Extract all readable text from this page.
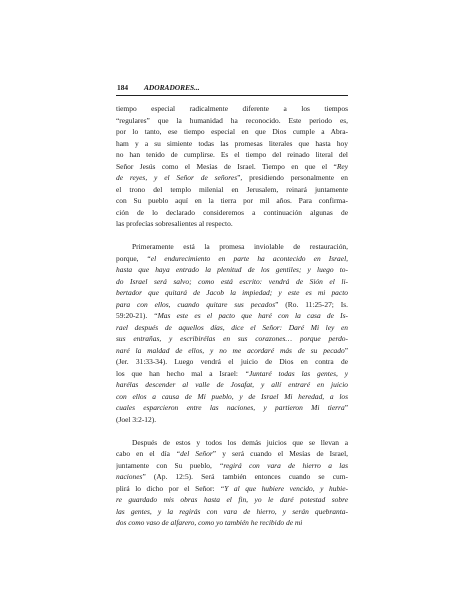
184 ADORADORES...
tiempo especial radicalmente diferente a los tiempos
“regulares” que la humanidad ha reconocido. Este periodo es,
por lo tanto, ese tiempo especial en que Dios cumple a Abra-
ham y a su simiente todas las promesas literales que hasta hoy
no han tenido de cumplirse. Es el tiempo del reinado literal del
Señor Jesús como el Mesías de Israel. Tiempo en que el “Rey
de reyes, y el Señor de señores”, presidiendo personalmente en
el trono del templo milenial en Jerusalem, reinará juntamente
con Su pueblo aquí en la tierra por mil años. Para confirma-
ción de lo declarado consideremos a continuación algunas de
las profecías sobresalientes al respecto.
Primeramente está la promesa inviolable de restauración,
porque, “el endurecimiento en parte ha acontecido en Israel,
hasta que haya entrado la plenitud de los gentiles; y luego to-
do Israel será salvo; como está escrito: vendrá de Sión el li-
bertador que quitará de Jacob la impiedad; y este es mi pacto
para con ellos, cuando quitare sus pecados” (Ro. 11:25-27; Is.
59:20-21). “Mas este es el pacto que haré con la casa de Is-
rael después de aquellos días, dice el Señor: Daré Mi ley en
sus entrañas, y escribirélas en sus corazones… porque perdo-
naré la maldad de ellos, y no me acordaré más de su pecado”
(Jer. 31:33-34). Luego vendrá el juicio de Dios en contra de
los que han hecho mal a Israel: “Juntaré todas las gentes, y
harélas descender al valle de Josafat, y allí entraré en juicio
con ellos a causa de Mi pueblo, y de Israel Mi heredad, a los
cuales esparcieron entre las naciones, y partieron Mi tierra”
(Joel 3:2-12).
Después de estos y todos los demás juicios que se llevan a
cabo en el día “del Señor” y será cuando el Mesías de Israel,
juntamente con Su pueblo, “regirá con vara de hierro a las
naciones” (Ap. 12:5). Será también entonces cuando se cum-
plirá lo dicho por el Señor: “Y al que hubiere vencido, y hubie-
re guardado mis obras hasta el fin, yo le daré potestad sobre
las gentes, y la regirás con vara de hierro, y serán quebranta-
dos como vaso de alfarero, como yo también he recibido de mi
